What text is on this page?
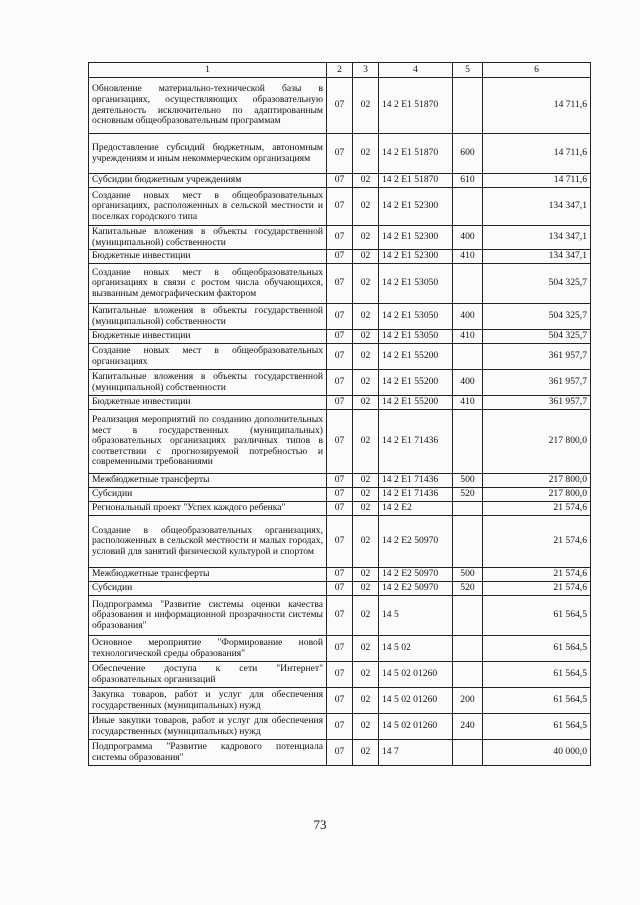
1	2	3	4	5	6
Обновление материально-технической базы в организациях, осуществляющих образовательную деятельность исключительно по адаптированным основным общеобразовательным программам	07	02	14 2 Е1 51870		14 711,6
Предоставление субсидий бюджетным, автономным учреждениям и иным некоммерческим организациям	07	02	14 2 Е1 51870	600	14 711,6
Субсидии бюджетным учреждениям	07	02	14 2 Е1 51870	610	14 711,6
Создание новых мест в общеобразовательных организациях, расположенных в сельской местности и поселках городского типа	07	02	14 2 Е1 52300		134 347,1
Капитальные вложения в объекты государственной (муниципальной) собственности	07	02	14 2 Е1 52300	400	134 347,1
Бюджетные инвестиции	07	02	14 2 Е1 52300	410	134 347,1
Создание новых мест в общеобразовательных организациях в связи с ростом числа обучающихся, вызванным демографическим фактором	07	02	14 2 Е1 53050		504 325,7
Капитальные вложения в объекты государственной (муниципальной) собственности	07	02	14 2 Е1 53050	400	504 325,7
Бюджетные инвестиции	07	02	14 2 Е1 53050	410	504 325,7
Создание новых мест в общеобразовательных организациях	07	02	14 2 Е1 55200		361 957,7
Капитальные вложения в объекты государственной (муниципальной) собственности	07	02	14 2 Е1 55200	400	361 957,7
Бюджетные инвестиции	07	02	14 2 Е1 55200	410	361 957,7
Реализация мероприятий по созданию дополнительных мест в государственных (муниципальных) образовательных организациях различных типов в соответствии с прогнозируемой потребностью и современными требованиями	07	02	14 2 Е1 71436		217 800,0
Межбюджетные трансферты	07	02	14 2 Е1 71436	500	217 800,0
Субсидии	07	02	14 2 Е1 71436	520	217 800,0
Региональный проект "Успех каждого ребенка"	07	02	14 2 Е2		21 574,6
Создание в общеобразовательных организациях, расположенных в сельской местности и малых городах, условий для занятий физической культурой и спортом	07	02	14 2 Е2 50970		21 574,6
Межбюджетные трансферты	07	02	14 2 Е2 50970	500	21 574,6
Субсидии	07	02	14 2 Е2 50970	520	21 574,6
Подпрограмма "Развитие системы оценки качества образования и информационной прозрачности системы образования"	07	02	14 5		61 564,5
Основное мероприятие "Формирование новой технологической среды образования"	07	02	14 5 02		61 564,5
Обеспечение доступа к сети "Интернет" образовательных организаций	07	02	14 5 02 01260		61 564,5
Закупка товаров, работ и услуг для обеспечения государственных (муниципальных) нужд	07	02	14 5 02 01260	200	61 564,5
Иные закупки товаров, работ и услуг для обеспечения государственных (муниципальных) нужд	07	02	14 5 02 01260	240	61 564,5
Подпрограмма "Развитие кадрового потенциала системы образования"	07	02	14 7		40 000,0
73
